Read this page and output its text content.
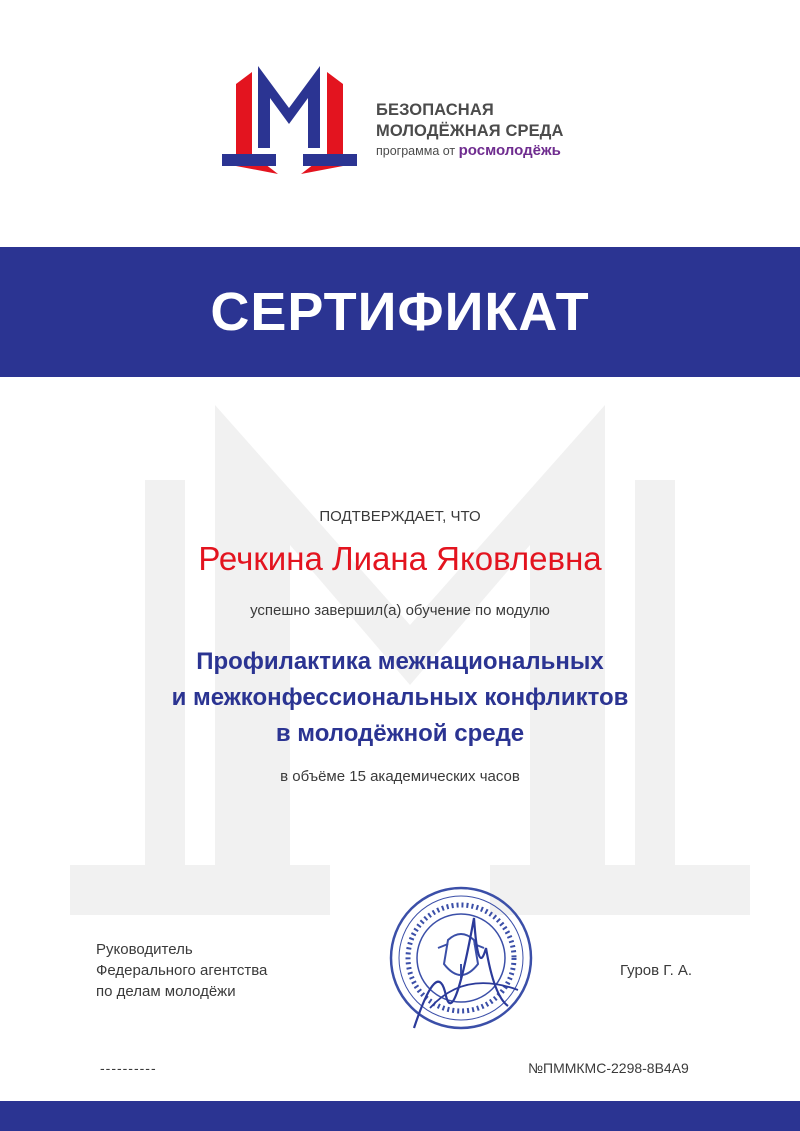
БЕЗОПАСНАЯ
МОЛОДЁЖНАЯ СРЕДА
программа от росмолодёжь
СЕРТИФИКАТ
ПОДТВЕРЖДАЕТ, ЧТО
Речкина Лиана Яковлевна
успешно завершил(а) обучение по модулю
Профилактика межнациональных
и межконфессиональных конфликтов
в молодёжной среде
в объёме 15 академических часов
Руководитель
Федерального агентства
по делам молодёжи
Гуров Г. А.
----------	№ПММКМС-2298-8В4А9
